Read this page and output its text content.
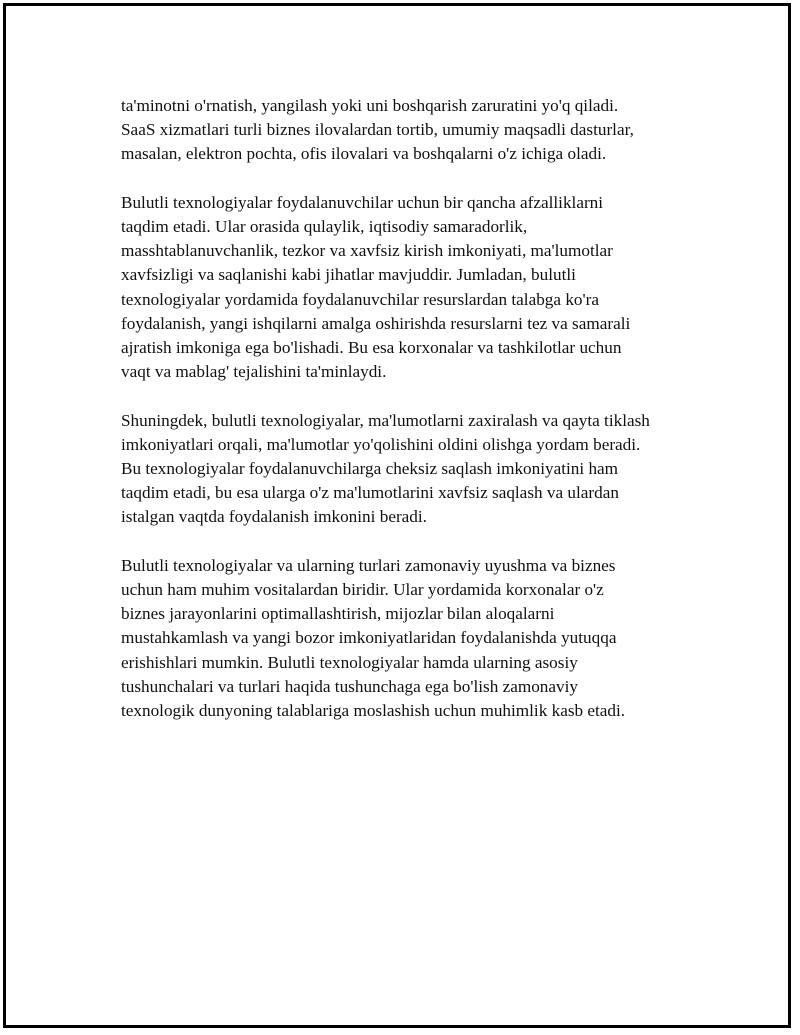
ta'minotni o'rnatish, yangilash yoki uni boshqarish zaruratini yo'q qiladi.
SaaS xizmatlari turli biznes ilovalardan tortib, umumiy maqsadli dasturlar,
masalan, elektron pochta, ofis ilovalari va boshqalarni o'z ichiga oladi.

Bulutli texnologiyalar foydalanuvchilar uchun bir qancha afzalliklarni
taqdim etadi. Ular orasida qulaylik, iqtisodiy samaradorlik,
masshtablanuvchanlik, tezkor va xavfsiz kirish imkoniyati, ma'lumotlar
xavfsizligi va saqlanishi kabi jihatlar mavjuddir. Jumladan, bulutli
texnologiyalar yordamida foydalanuvchilar resurslardan talabga ko'ra
foydalanish, yangi ishqilarni amalga oshirishda resurslarni tez va samarali
ajratish imkoniga ega bo'lishadi. Bu esa korxonalar va tashkilotlar uchun
vaqt va mablag' tejalishini ta'minlaydi.

Shuningdek, bulutli texnologiyalar, ma'lumotlarni zaxiralash va qayta tiklash
imkoniyatlari orqali, ma'lumotlar yo'qolishini oldini olishga yordam beradi.
Bu texnologiyalar foydalanuvchilarga cheksiz saqlash imkoniyatini ham
taqdim etadi, bu esa ularga o'z ma'lumotlarini xavfsiz saqlash va ulardan
istalgan vaqtda foydalanish imkonini beradi.

Bulutli texnologiyalar va ularning turlari zamonaviy uyushma va biznes
uchun ham muhim vositalardan biridir. Ular yordamida korxonalar o'z
biznes jarayonlarini optimallashtirish, mijozlar bilan aloqalarni
mustahkamlash va yangi bozor imkoniyatlaridan foydalanishda yutuqqa
erishishlari mumkin. Bulutli texnologiyalar hamda ularning asosiy
tushunchalari va turlari haqida tushunchaga ega bo'lish zamonaviy
texnologik dunyoning talablariga moslashish uchun muhimlik kasb etadi.
